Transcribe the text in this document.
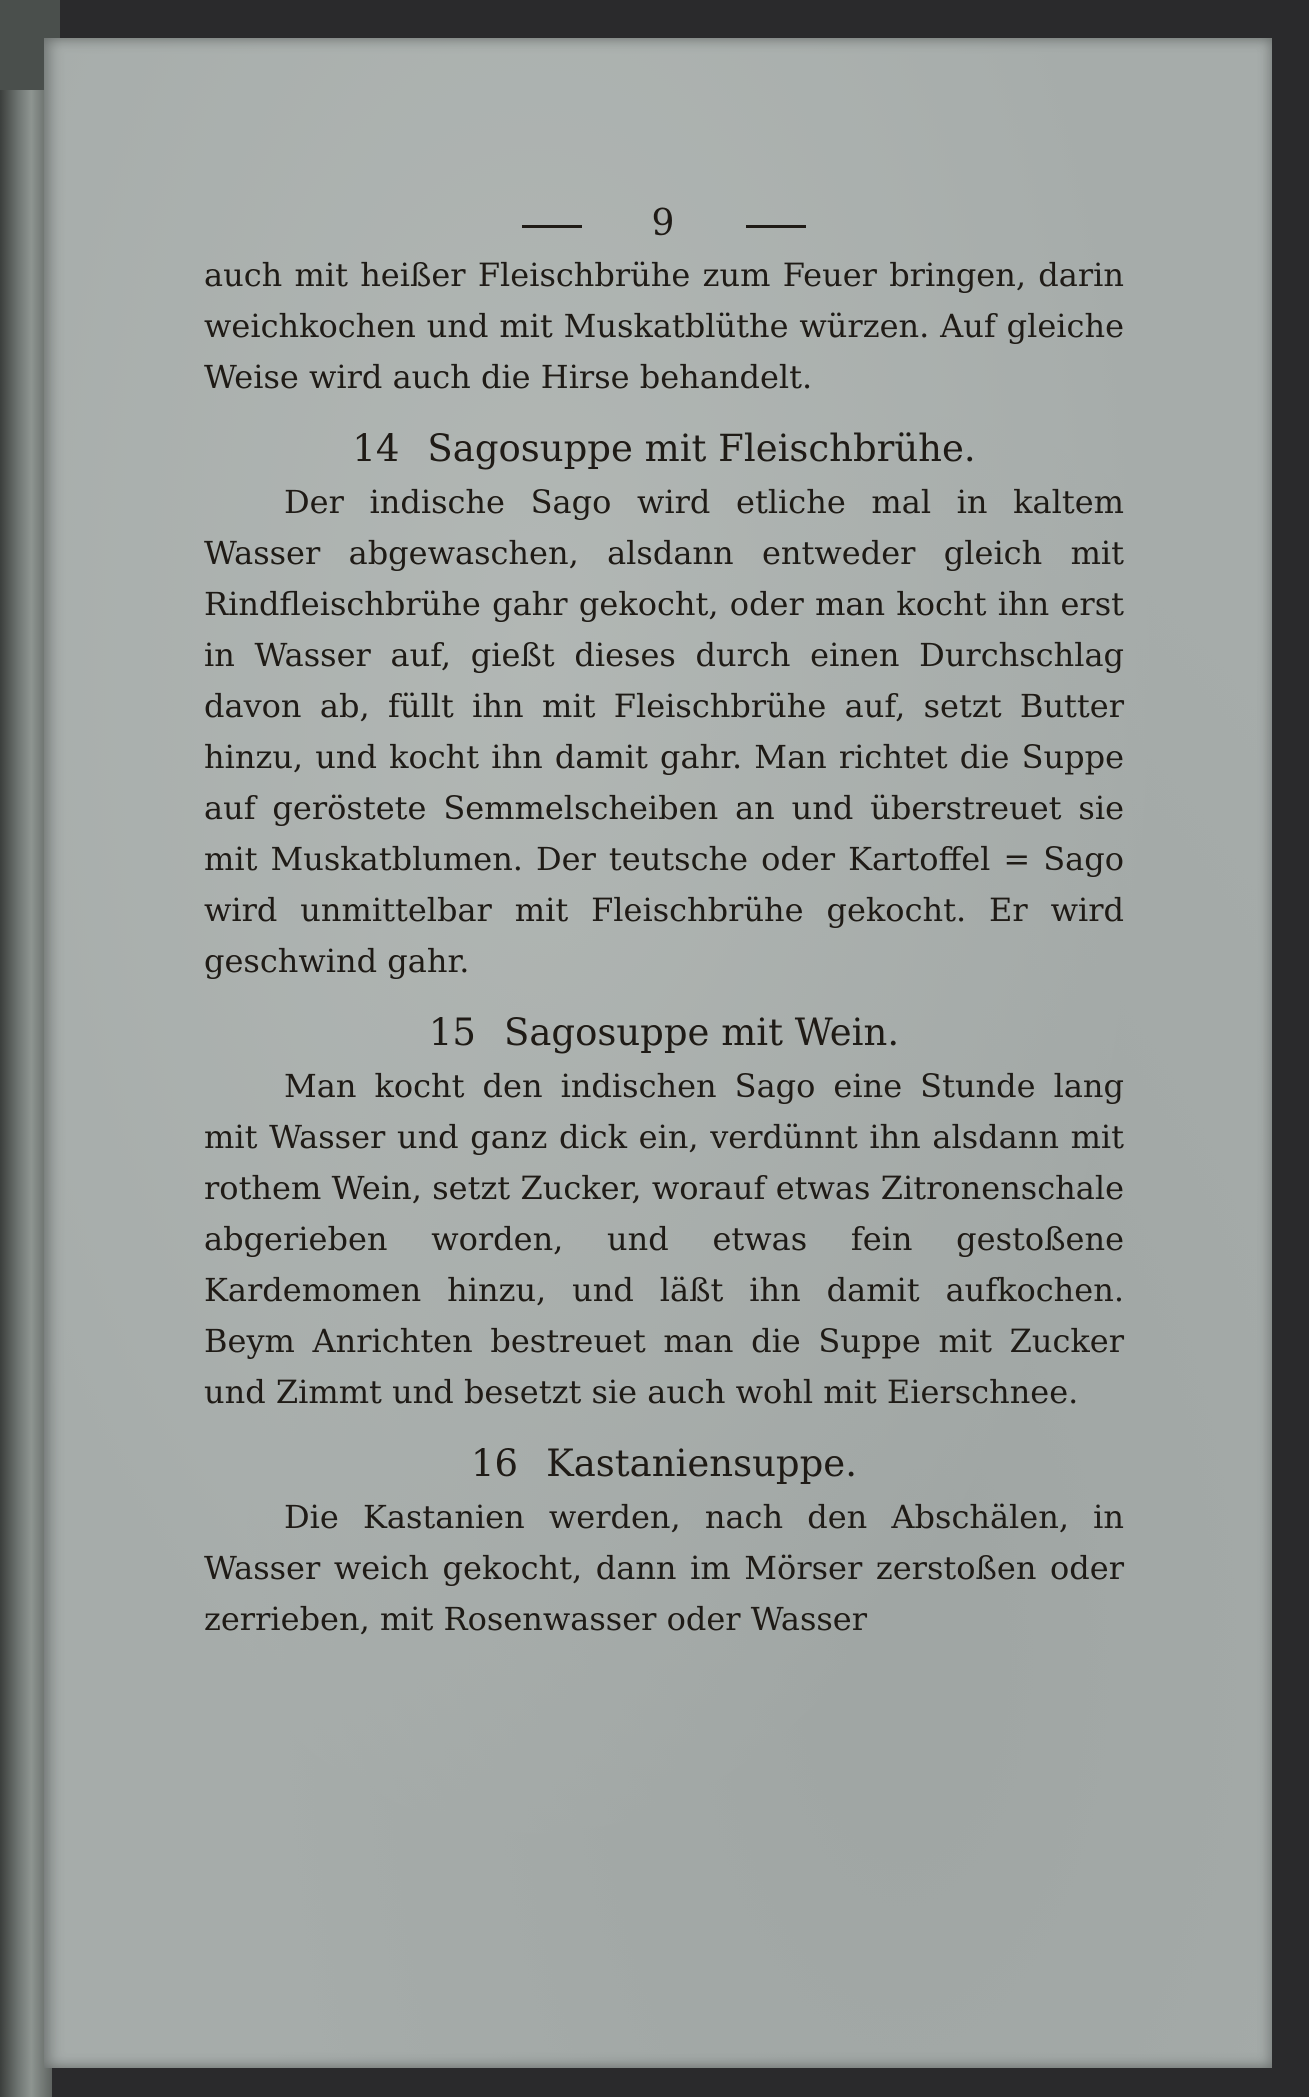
9

auch mit heißer Fleischbrühe zum Feuer bringen, darin weichkochen und mit Muskatblüthe würzen. Auf gleiche Weise wird auch die Hirse behandelt.

14 Sagosuppe mit Fleischbrühe.

Der indische Sago wird etliche mal in kaltem Wasser abgewaschen, alsdann entweder gleich mit Rindfleischbrühe gahr gekocht, oder man kocht ihn erst in Wasser auf, gießt dieses durch einen Durchschlag davon ab, füllt ihn mit Fleischbrühe auf, setzt Butter hinzu, und kocht ihn damit gahr. Man richtet die Suppe auf geröstete Semmelscheiben an und überstreuet sie mit Muskatblumen. Der teutsche oder Kartoffel = Sago wird unmittelbar mit Fleischbrühe gekocht. Er wird geschwind gahr.

15 Sagosuppe mit Wein.

Man kocht den indischen Sago eine Stunde lang mit Wasser und ganz dick ein, verdünnt ihn alsdann mit rothem Wein, setzt Zucker, worauf etwas Zitronenschale abgerieben worden, und etwas fein gestoßene Kardemomen hinzu, und läßt ihn damit aufkochen. Beym Anrichten bestreuet man die Suppe mit Zucker und Zimmt und besetzt sie auch wohl mit Eierschnee.

16 Kastaniensuppe.

Die Kastanien werden, nach den Abschälen, in Wasser weich gekocht, dann im Mörser zerstoßen oder zerrieben, mit Rosenwasser oder Wasser
